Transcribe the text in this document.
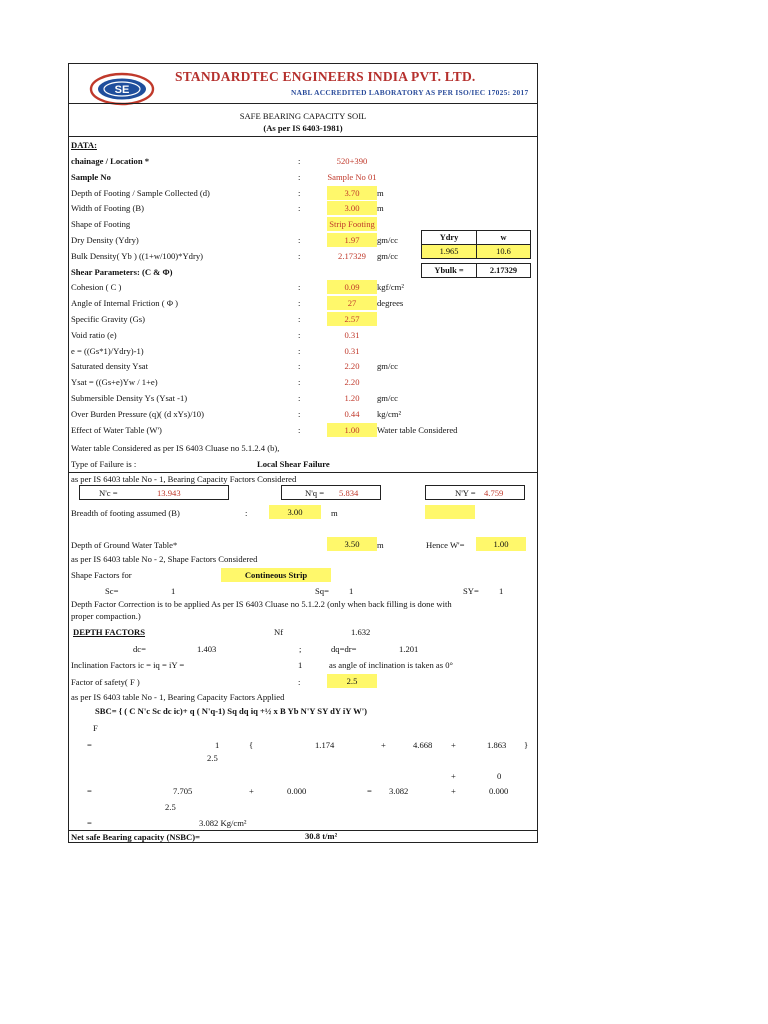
SE
STANDARDTEC ENGINEERS INDIA PVT. LTD.
NABL ACCREDITED LABORATORY AS PER ISO/IEC 17025: 2017
SAFE BEARING CAPACITY SOIL
(As per IS 6403-1981)
DATA:
chainage / Location *	:	520+390
Sample No	:	Sample No 01
Depth of Footing / Sample Collected (d)	:	3.70	m
Width of Footing (B)	:	3.00	m
Shape of Footing	Strip Footing
Dry Density (Ydry)	:	1.97	gm/cc
Bulk Density( Yb ) ((1+w/100)*Ydry)	:	2.17329	gm/cc
Shear Parameters: (C & Φ)
Cohesion ( C )	:	0.09	kgf/cm²
Angle of Internal Friction ( Φ )	:	27	degrees
Specific Gravity (Gs)	:	2.57
Void ratio (e)	:	0.31
e = ((Gs*1)/Ydry)-1)	:	0.31
Saturated density Ysat	:	2.20	gm/cc
Ysat = ((Gs+e)Yw / 1+e)	:	2.20
Submersible Density Ys (Ysat -1)	:	1.20	gm/cc
Over Burden Pressure (q)( (d xYs)/10)	:	0.44	kg/cm²
Effect of Water Table (W')	:	1.00	Water table Considered
Ydry	w
1.965	10.6
Ybulk =	2.17329
Water table Considered as per IS 6403 Cluase no 5.1.2.4 (b),
Type of Failure is :	Local Shear Failure
as per IS 6403 table No - 1, Bearing Capacity Factors Considered
N'c =	13.943	N'q = 5.834	N'Y = 4.759
Breadth of footing assumed (B)	:	3.00	m
Depth of Ground Water Table*	3.50	m	Hence W'=	1.00
as per IS 6403 table No - 2, Shape Factors Considered
Shape Factors for	Contineous Strip
Sc=	1	Sq= 1	SY= 1
Depth Factor Correction is to be applied As per IS 6403 Cluase no 5.1.2.2 (only when back filling is done with
proper compaction.)
DEPTH FACTORS	Nf	1.632
dc=	1.403	;	dq=dr=	1.201
Inclination Factors ic = iq = iY =	1	as angle of inclination is taken as 0°
Factor of safety( F )	:	2.5
as per IS 6403 table No - 1, Bearing Capacity Factors Applied
SBC= { ( C N'c Sc dc ic)+ q ( N'q-1) Sq dq iq +½ x B Yb N'Y SY dY iY W')
F
=	1	{	1.174	+	4.668 +	1.863 }
2.5
+	0
=	7.705	+	0.000	= 3.082	+	0.000
2.5
=	3.082 Kg/cm²
Net safe Bearing capacity (NSBC)=	30.8 t/m²
